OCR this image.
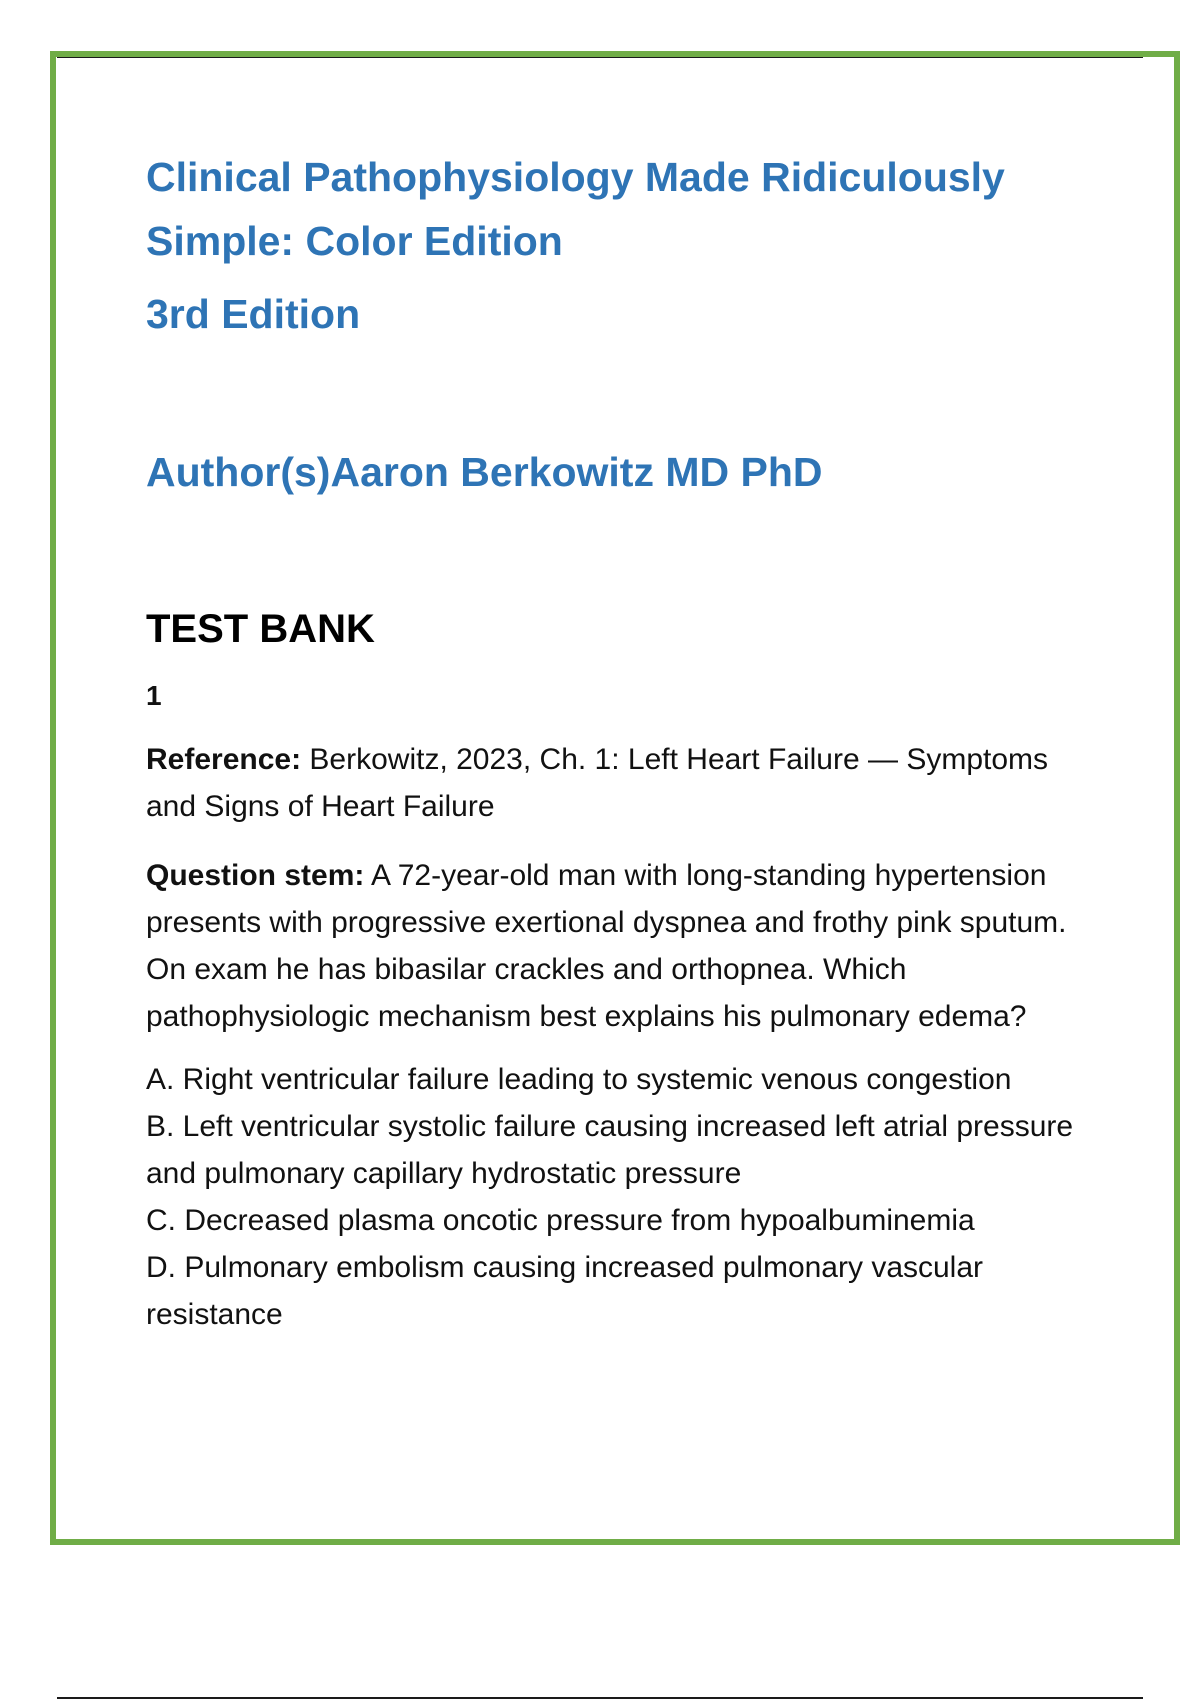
Clinical Pathophysiology Made Ridiculously Simple: Color Edition
3rd Edition
Author(s)Aaron Berkowitz MD PhD
TEST BANK
1

Reference: Berkowitz, 2023, Ch. 1: Left Heart Failure — Symptoms and Signs of Heart Failure

Question stem: A 72-year-old man with long-standing hypertension presents with progressive exertional dyspnea and frothy pink sputum. On exam he has bibasilar crackles and orthopnea. Which pathophysiologic mechanism best explains his pulmonary edema?

A. Right ventricular failure leading to systemic venous congestion

B. Left ventricular systolic failure causing increased left atrial pressure and pulmonary capillary hydrostatic pressure

C. Decreased plasma oncotic pressure from hypoalbuminemia

D. Pulmonary embolism causing increased pulmonary vascular resistance
